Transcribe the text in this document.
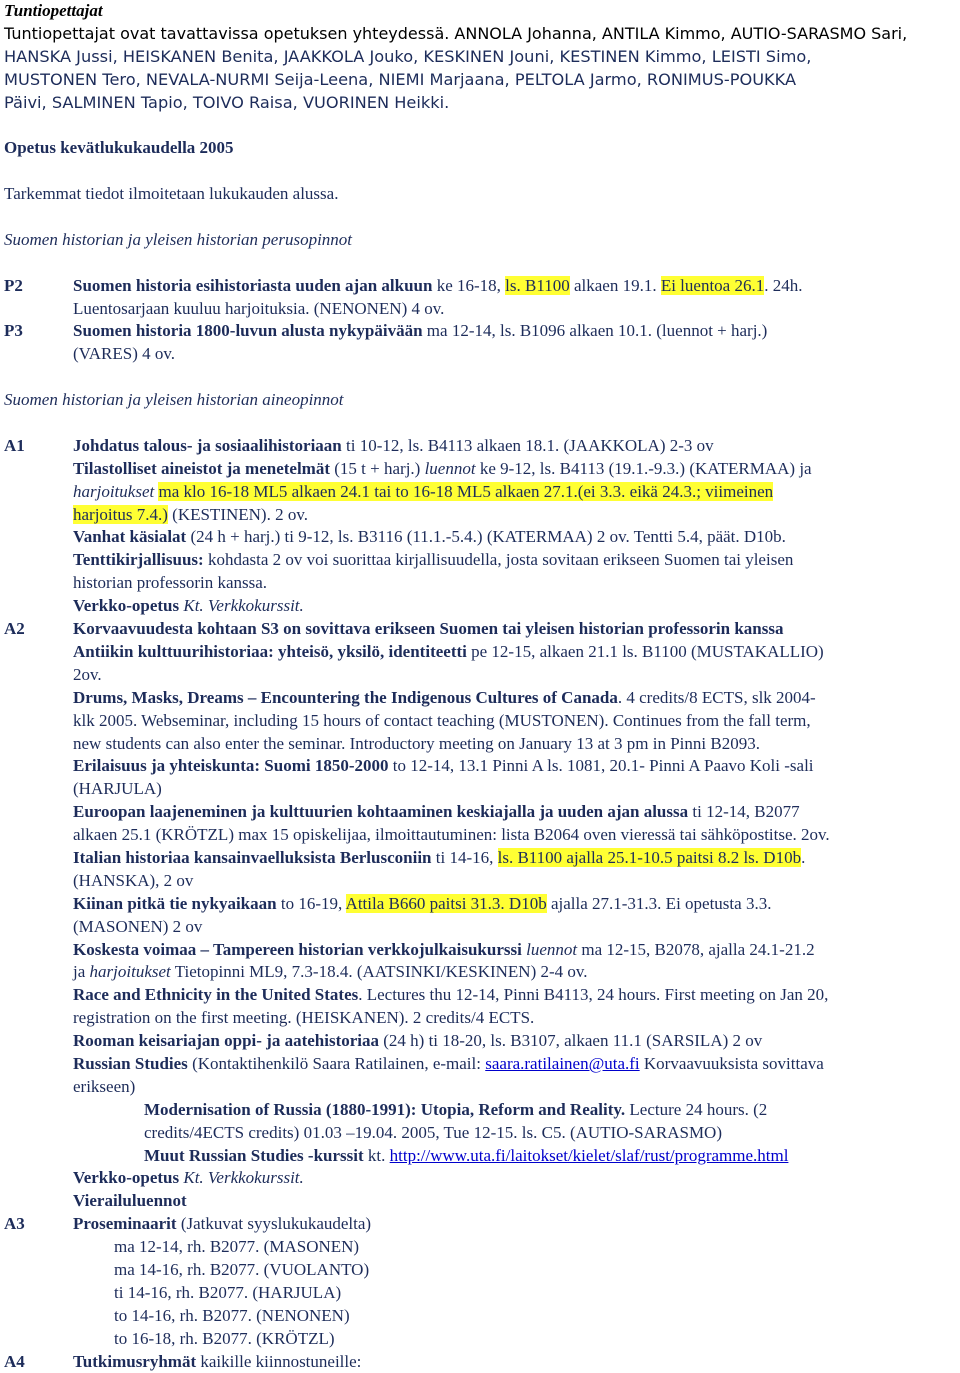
Tuntiopettajat
Tuntiopettajat ovat tavattavissa opetuksen yhteydessä. ANNOLA Johanna, ANTILA Kimmo, AUTIO-SARASMO Sari,
HANSKA Jussi, HEISKANEN Benita, JAAKKOLA Jouko, KESKINEN Jouni, KESTINEN Kimmo, LEISTI Simo,
MUSTONEN Tero, NEVALA-NURMI Seija-Leena, NIEMI Marjaana, PELTOLA Jarmo, RONIMUS-POUKKA
Päivi, SALMINEN Tapio, TOIVO Raisa, VUORINEN Heikki.
Opetus kevätlukukaudella 2005
Tarkemmat tiedot ilmoitetaan lukukauden alussa.
Suomen historian ja yleisen historian perusopinnot
P2	Suomen historia esihistoriasta uuden ajan alkuun ke 16-18, ls. B1100 alkaen 19.1. Ei luentoa 26.1. 24h.
Luentosarjaan kuuluu harjoituksia. (NENONEN) 4 ov.
P3	Suomen historia 1800-luvun alusta nykypäivään ma 12-14, ls. B1096 alkaen 10.1. (luennot + harj.)
(VARES) 4 ov.
Suomen historian ja yleisen historian aineopinnot
A1	Johdatus talous- ja sosiaalihistoriaan ti 10-12, ls. B4113 alkaen 18.1. (JAAKKOLA) 2-3 ov
Tilastolliset aineistot ja menetelmät (15 t + harj.) luennot ke 9-12, ls. B4113 (19.1.-9.3.) (KATERMAA) ja
harjoitukset ma klo 16-18 ML5 alkaen 24.1 tai to 16-18 ML5 alkaen 27.1.(ei 3.3. eikä 24.3.; viimeinen
harjoitus 7.4.) (KESTINEN). 2 ov.
Vanhat käsialat (24 h + harj.) ti 9-12, ls. B3116 (11.1.-5.4.) (KATERMAA) 2 ov. Tentti 5.4, päät. D10b.
Tenttikirjallisuus: kohdasta 2 ov voi suorittaa kirjallisuudella, josta sovitaan erikseen Suomen tai yleisen
historian professorin kanssa.
Verkko-opetus Kt. Verkkokurssit.
A2	Korvaavuudesta kohtaan S3 on sovittava erikseen Suomen tai yleisen historian professorin kanssa
Antiikin kulttuurihistoriaa: yhteisö, yksilö, identiteetti pe 12-15, alkaen 21.1 ls. B1100 (MUSTAKALLIO)
2ov.
Drums, Masks, Dreams – Encountering the Indigenous Cultures of Canada. 4 credits/8 ECTS, slk 2004-
klk 2005. Webseminar, including 15 hours of contact teaching (MUSTONEN). Continues from the fall term,
new students can also enter the seminar. Introductory meeting on January 13 at 3 pm in Pinni B2093.
Erilaisuus ja yhteiskunta: Suomi 1850-2000 to 12-14, 13.1 Pinni A ls. 1081, 20.1- Pinni A Paavo Koli -sali
(HARJULA)
Euroopan laajeneminen ja kulttuurien kohtaaminen keskiajalla ja uuden ajan alussa ti 12-14, B2077
alkaen 25.1 (KRÖTZL) max 15 opiskelijaa, ilmoittautuminen: lista B2064 oven vieressä tai sähköpostitse. 2ov.
Italian historiaa kansainvaelluksista Berlusconiin ti 14-16, ls. B1100 ajalla 25.1-10.5 paitsi 8.2 ls. D10b.
(HANSKA), 2 ov
Kiinan pitkä tie nykyaikaan to 16-19, Attila B660 paitsi 31.3. D10b ajalla 27.1-31.3. Ei opetusta 3.3.
(MASONEN) 2 ov
Koskesta voimaa – Tampereen historian verkkojulkaisukurssi luennot ma 12-15, B2078, ajalla 24.1-21.2
ja harjoitukset Tietopinni ML9, 7.3-18.4. (AATSINKI/KESKINEN) 2-4 ov.
Race and Ethnicity in the United States. Lectures thu 12-14, Pinni B4113, 24 hours. First meeting on Jan 20,
registration on the first meeting. (HEISKANEN). 2 credits/4 ECTS.
Rooman keisariajan oppi- ja aatehistoriaa (24 h) ti 18-20, ls. B3107, alkaen 11.1 (SARSILA) 2 ov
Russian Studies (Kontaktihenkilö Saara Ratilainen, e-mail: saara.ratilainen@uta.fi Korvaavuuksista sovittava
erikseen)
Modernisation of Russia (1880-1991): Utopia, Reform and Reality. Lecture 24 hours. (2
credits/4ECTS credits) 01.03 –19.04. 2005, Tue 12-15. ls. C5. (AUTIO-SARASMO)
Muut Russian Studies -kurssit kt. http://www.uta.fi/laitokset/kielet/slaf/rust/programme.html
Verkko-opetus Kt. Verkkokurssit.
Vierailuluennot
A3	Proseminaarit (Jatkuvat syyslukukaudelta)
ma 12-14, rh. B2077. (MASONEN)
ma 14-16, rh. B2077. (VUOLANTO)
ti 14-16, rh. B2077. (HARJULA)
to 14-16, rh. B2077. (NENONEN)
to 16-18, rh. B2077. (KRÖTZL)
A4	Tutkimusryhmät kaikille kiinnostuneille:
